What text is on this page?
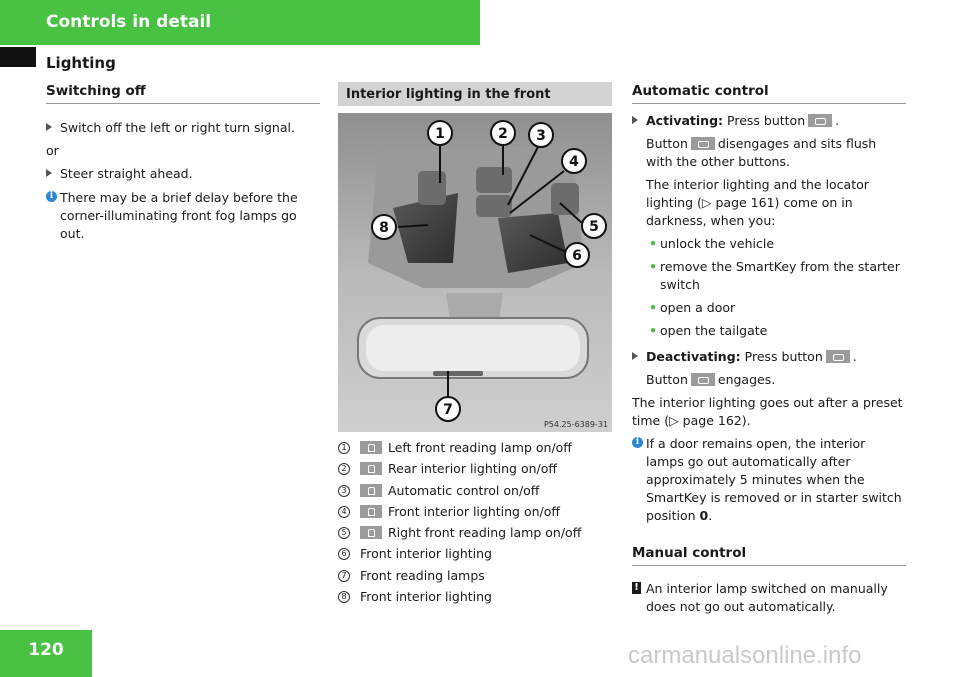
Controls in detail
Lighting
Switching off
Switch off the left or right turn signal.

or

Steer straight ahead.
i There may be a brief delay before the corner-illuminating front fog lamps go out.
Interior lighting in the front
1	2 3
4
5
6
7
8
P54.25-6389-31
1	Left front reading lamp on/off
2	Rear interior lighting on/off
3	Automatic control on/off
4	Front interior lighting on/off
5	Right front reading lamp on/off
6 Front interior lighting
7 Front reading lamps
8 Front interior lighting
Automatic control
Activating: Press button .
Button disengages and sits flush with the other buttons.
The interior lighting and the locator lighting (▷ page 161) come on in darkness, when you:
• unlock the vehicle
• remove the SmartKey from the starter switch
• open a door
• open the tailgate
Deactivating: Press button .
Button engages.

The interior lighting goes out after a preset time (▷ page 162).

i If a door remains open, the interior lamps go out automatically after approximately 5 minutes when the SmartKey is removed or in starter switch position 0.
Manual control
! An interior lamp switched on manually does not go out automatically.
120	carmanualsonline.info
